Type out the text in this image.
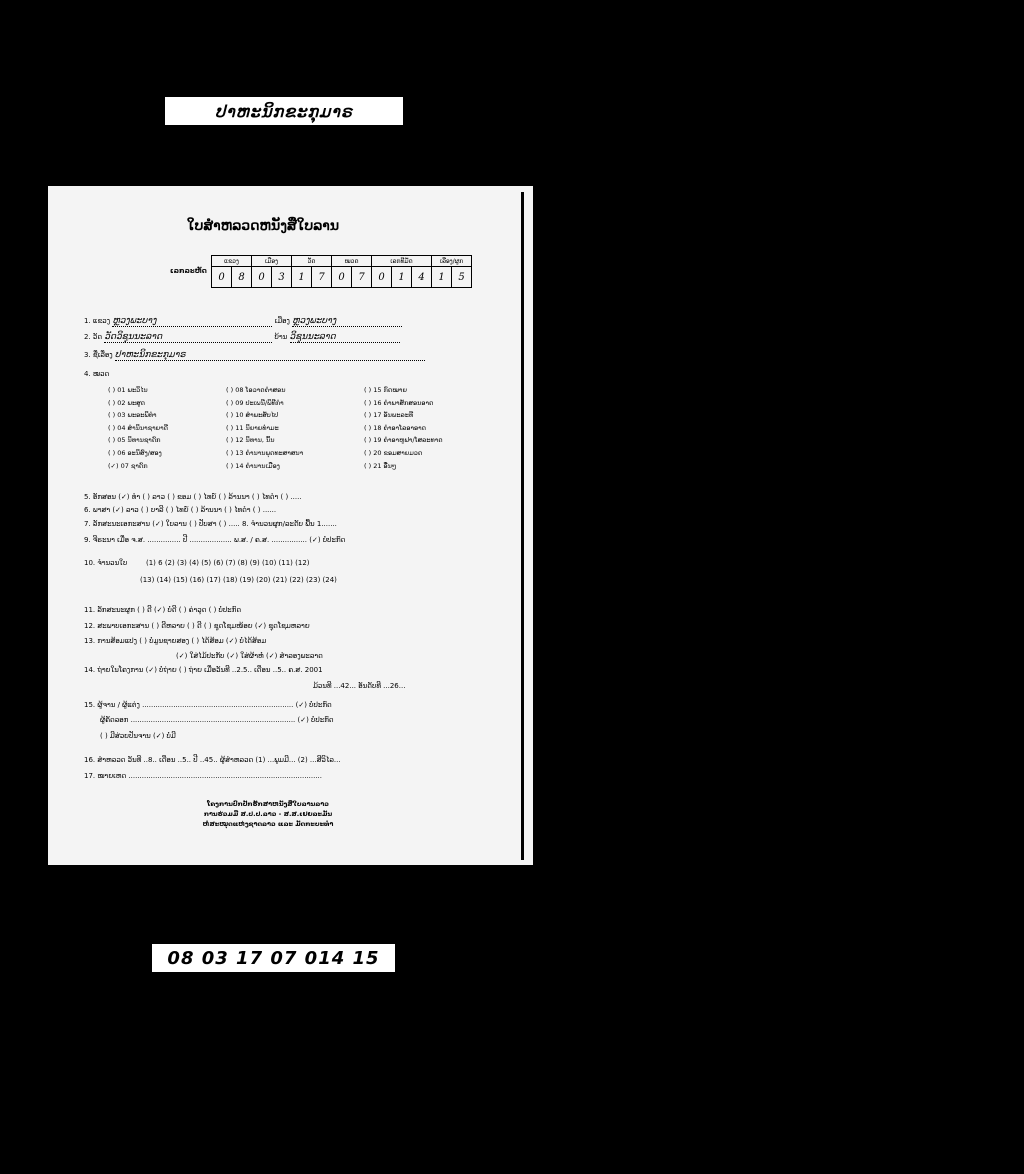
ປາຫະນິກຂະກຸມາຣ
ໃບສຳຫລວດຫນັງສືໃບລານ
ເລກລະຫັດ
ແຂວງ	ເມືອງ	ວັດ	ໝວດ	ເລກທີມັດ	ເລືອງ/ຜູກ
0	8	0	3	1	7	0	7	0	1	4	1	5
1. ແຂວງ ຫຼວງພະບາງ	ເມືອງ ຫຼວງພະບາງ
2. ວັດ ວັດວິຊຸນນະລາດ	ບ້ານ ວິຊຸນນະລາດ
3. ຊື່ເລື່ອງ ປາຫະນິກຂະກຸມາຣ
4. ໝວດ
( ) 01 ພະວິໄນ	( ) 08 ໂອວາດຄຳສອນ	( ) 15 ກົດໝາຍ
( ) 02 ພະສູດ	( ) 09 ປະເພນີ/ພິທີກຳ	( ) 16 ຄຳພາສັກສອນອາດ
( ) 03 ພະອະພິທຳ	( ) 10 ສຳພະສັບໄປ	( ) 17 ອັນພະລະທີ
( ) 04 ສໍານິນາຊາຍາດີ	( ) 11 ນິຍາຍທຳມະ	( ) 18 ຄຳອາໂລອາອາດ
( ) 05 ນິທານຊາດົກ	( ) 12 ນິທານ, ນິ້ນ	( ) 19 ຄຳອາຫູຟາ/ໂສລະທາດ
( ) 06 ອະນິສົງ/ສອງ	( ) 13 ຄຳນານພຸດທະສາສນາ	( ) 20 ຂອມສາຍມວດ
(✓) 07 ຊາດົກ	( ) 14 ຄຳນານເມືອງ	( ) 21 ອື່ນໆ
5. ອັກສອນ (✓) ທຳ ( ) ລາວ ( ) ຂອມ ( ) ໄທຍ໌ ( ) ລ້ານນາ ( ) ໄທດຳ ( ) .....
6. ພາສາ (✓) ລາວ ( ) ບາລີ ( ) ໄທຍ໌ ( ) ລ້ານນາ ( ) ໄທດຳ ( ) ......
7. ລັກສະນະເອກະສານ (✓) ໃບລານ ( ) ປັບສາ ( ) ..... 8. ຈຳນວນຜູກ/ລະດັບ ພື້ນ 1.......
9. ຈີຣະນາ ເມື່ອ ຈ.ສ. ............... ປີ ................... ພ.ສ. / ຄ.ສ. ................ (✓) ບໍ່ປະກົດ
10. ຈຳນວນໃບ	(1) 6 (2) (3) (4) (5) (6) (7) (8) (9) (10) (11) (12)
(13) (14) (15) (16) (17) (18) (19) (20) (21) (22) (23) (24)
11. ລັກສະນະຜູກ ( ) ດີ (✓) ບໍ່ດີ ( ) ຄ່າວຸດ ( ) ບໍ່ປະກົດ
12. ສະພາບເອກະສານ ( ) ດີຫລາຍ ( ) ດີ ( ) ຊຸດໂຊມໜ້ອຍ (✓) ຊຸດໂຊມຫລາຍ
13. ການສ້ອມແປງ ( ) ບໍ່ມູນຊາຍສອງ ( ) ໄດ້ສ້ອມ (✓) ບໍ່ໄດ້ສ້ອມ
(✓) ໃສ່ໄມ້ປະກັບ (✓) ໃສ່ຜ້າຫໍ່ (✓) ສຳລອງພະລາດ
14. ຖ່າຍໃນໂຄງການ (✓) ບໍ່ຖ່າຍ ( ) ຖ່າຍ ເມື່ອວັນທີ ..2.5.. ເດືອນ ..5.. ຄ.ສ. 2001
ມ້ວນທີ ...42... ອັນດັບທີ ...26...
15. ຜູ້ຈານ / ຜູ້ແຕ່ງ .................................................................... (✓) ບໍ່ປະກົດ
ຜູ້ຄັດລອກ .......................................................................... (✓) ບໍ່ປະກົດ
( ) ມີສ່ວຍປັນຈານ (✓) ບໍ່ມີ
16. ສຳຫລວດ ວັນທີ ..8.. ເດືອນ ..5.. ປີ ..45.. ຜູ້ສຳຫລວດ (1) ...ພູມມີ... (2) ...ສີວິໄລ...
17. ໝາຍເຫດ .......................................................................................
ໂຄງການປົກປັກຮັກສາຫນັງສືໃບລານລາວ
ການຮ່ວມມື ສ.ປ.ປ.ລາວ - ສ.ສ.ເຢຍລະມັນ
ຫໍສະໝຸດແຫ່ງຊາດລາວ ແລະ ມັດກະບະທຳ
08 03 17 07 014 15
